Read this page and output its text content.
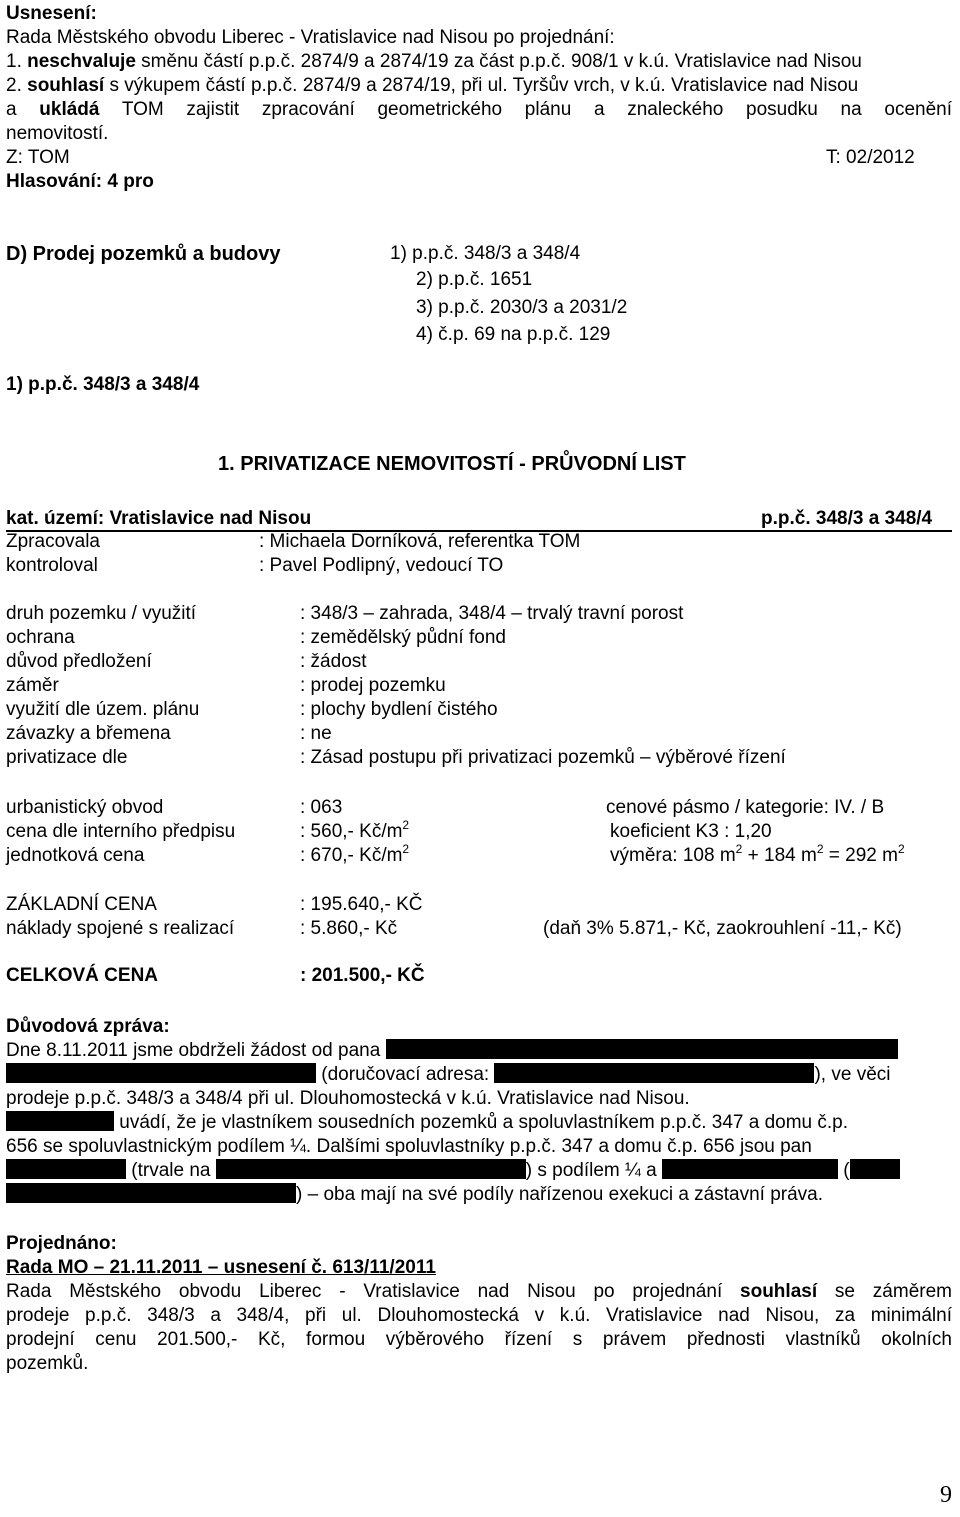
Usnesení:
Rada Městského obvodu Liberec - Vratislavice nad Nisou po projednání:
1. neschvaluje směnu částí p.p.č. 2874/9 a 2874/19 za část p.p.č. 908/1 v k.ú. Vratislavice nad Nisou
2. souhlasí s výkupem částí p.p.č. 2874/9 a 2874/19, při ul. Tyršův vrch, v k.ú. Vratislavice nad Nisou
a ukládá TOM zajistit zpracování geometrického plánu a znaleckého posudku na ocenění
nemovitostí.
Z: TOM	T: 02/2012
Hlasování: 4 pro
D) Prodej pozemků a budovy	1) p.p.č. 348/3 a 348/4
2) p.p.č. 1651
3) p.p.č. 2030/3 a 2031/2
4) č.p. 69 na p.p.č. 129
1) p.p.č. 348/3 a 348/4
1. PRIVATIZACE NEMOVITOSTÍ - PRŮVODNÍ LIST
kat. území: Vratislavice nad Nisou	p.p.č. 348/3 a 348/4
Zpracovala	: Michaela Dorníková, referentka TOM
kontroloval	: Pavel Podlipný, vedoucí TO
druh pozemku / využití	: 348/3 – zahrada, 348/4 – trvalý travní porost
ochrana	: zemědělský půdní fond
důvod předložení	: žádost
záměr	: prodej pozemku
využití dle územ. plánu	: plochy bydlení čistého
závazky a břemena	: ne
privatizace dle	: Zásad postupu při privatizaci pozemků – výběrové řízení
urbanistický obvod	: 063	cenové pásmo / kategorie: IV. / B
cena dle interního předpisu	: 560,- $Kč/m^2$	koeficient K3 : 1,20
jednotková cena	: 670,- $Kč/m^2$	výměra: 108 $m^2 + 184$ $m^2 = 292$ $m^2$
ZÁKLADNÍ CENA	: 195.640,- KČ
náklady spojené s realizací	: 5.860,- Kč	(daň 3% 5.871,- Kč, zaokrouhlení -11,- Kč)
CELKOVÁ CENA	: 201.500,- KČ
Důvodová zpráva:
Dne 8.11.2011 jsme obdrželi žádost od pana
(doručovací adresa:	), ve věci
prodeje p.p.č. 348/3 a 348/4 při ul. Dlouhomostecká v k.ú. Vratislavice nad Nisou.
uvádí, že je vlastníkem sousedních pozemků a spoluvlastníkem p.p.č. 347 a domu č.p.
656 se spoluvlastnickým podílem ¼. Dalšími spoluvlastníky p.p.č. 347 a domu č.p. 656 jsou pan
(trvale na	) s podílem ¼ a	(
) – oba mají na své podíly nařízenou exekuci a zástavní práva.
Projednáno:
Rada MO – 21.11.2011 – usnesení č. 613/11/2011
Rada Městského obvodu Liberec - Vratislavice nad Nisou po projednání souhlasí se záměrem
prodeje p.p.č. 348/3 a 348/4, při ul. Dlouhomostecká v k.ú. Vratislavice nad Nisou, za minimální
prodejní cenu 201.500,- Kč, formou výběrového řízení s právem přednosti vlastníků okolních
pozemků.
9
